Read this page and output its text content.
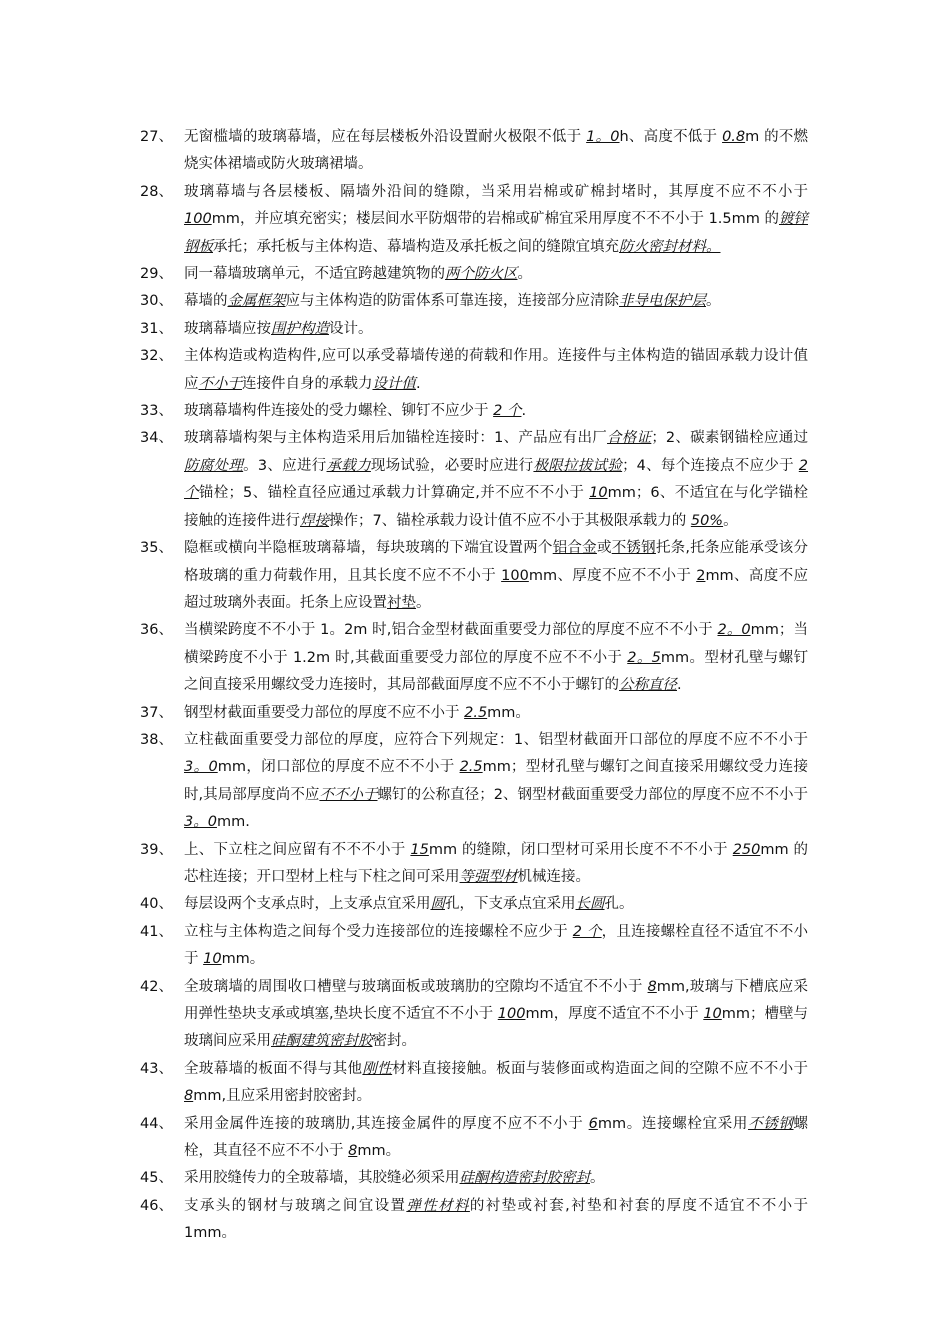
27、 无窗槛墙的玻璃幕墙，应在每层楼板外沿设置耐火极限不低于 1。0h、高度不低于 0.8m 的不燃烧实体裙墙或防火玻璃裙墙。
28、 玻璃幕墙与各层楼板、隔墙外沿间的缝隙，当采用岩棉或矿棉封堵时，其厚度不应不不小于 100mm，并应填充密实；楼层间水平防烟带的岩棉或矿棉宜采用厚度不不不小于 1.5mm 的镀锌钢板承托；承托板与主体构造、幕墙构造及承托板之间的缝隙宜填充防火密封材料。
29、 同一幕墙玻璃单元，不适宜跨越建筑物的两个防火区。
30、 幕墙的金属框架应与主体构造的防雷体系可靠连接，连接部分应清除非导电保护层。
31、 玻璃幕墙应按围护构造设计。
32、 主体构造或构造构件,应可以承受幕墙传递的荷载和作用。连接件与主体构造的锚固承载力设计值应不小于连接件自身的承载力设计值.
33、 玻璃幕墙构件连接处的受力螺栓、铆钉不应少于 2 个.
34、 玻璃幕墙构架与主体构造采用后加锚栓连接时：1、产品应有出厂合格证；2、碳素钢锚栓应通过防腐处理。3、应进行承载力现场试验，必要时应进行极限拉拔试验；4、每个连接点不应少于 2 个锚栓；5、锚栓直径应通过承载力计算确定,并不应不不小于 10mm；6、不适宜在与化学锚栓接触的连接件进行焊接操作；7、锚栓承载力设计值不应不小于其极限承载力的 50%。
35、 隐框或横向半隐框玻璃幕墙，每块玻璃的下端宜设置两个铝合金或不锈钢托条,托条应能承受该分格玻璃的重力荷载作用，且其长度不应不不小于 100mm、厚度不应不不小于 2mm、高度不应超过玻璃外表面。托条上应设置衬垫。
36、 当横梁跨度不不小于 1。2m 时,铝合金型材截面重要受力部位的厚度不应不不小于 2。0mm；当横梁跨度不小于 1.2m 时,其截面重要受力部位的厚度不应不不小于 2。5mm。型材孔壁与螺钉之间直接采用螺纹受力连接时，其局部截面厚度不应不不小于螺钉的公称直径.
37、 钢型材截面重要受力部位的厚度不应不小于 2.5mm。
38、 立柱截面重要受力部位的厚度，应符合下列规定：1、铝型材截面开口部位的厚度不应不不小于 3。0mm，闭口部位的厚度不应不不小于 2.5mm；型材孔壁与螺钉之间直接采用螺纹受力连接时,其局部厚度尚不应不不小于螺钉的公称直径；2、钢型材截面重要受力部位的厚度不应不不小于 3。0mm.
39、 上、下立柱之间应留有不不不小于 15mm 的缝隙，闭口型材可采用长度不不不小于 250mm 的芯柱连接；开口型材上柱与下柱之间可采用等强型材机械连接。
40、 每层设两个支承点时，上支承点宜采用圆孔，下支承点宜采用长圆孔。
41、 立柱与主体构造之间每个受力连接部位的连接螺栓不应少于 2 个，且连接螺栓直径不适宜不不小于 10mm。
42、 全玻璃墙的周围收口槽壁与玻璃面板或玻璃肋的空隙均不适宜不不小于 8mm,玻璃与下槽底应采用弹性垫块支承或填塞,垫块长度不适宜不不小于 100mm，厚度不适宜不不小于 10mm；槽壁与玻璃间应采用硅酮建筑密封胶密封。
43、 全玻幕墙的板面不得与其他刚性材料直接接触。板面与装修面或构造面之间的空隙不应不不小于 8mm,且应采用密封胶密封。
44、 采用金属件连接的玻璃肋,其连接金属件的厚度不应不不小于 6mm。连接螺栓宜采用不锈钢螺栓，其直径不应不不小于 8mm。
45、 采用胶缝传力的全玻幕墙，其胶缝必须采用硅酮构造密封胶密封。
46、 支承头的钢材与玻璃之间宜设置弹性材料的衬垫或衬套,衬垫和衬套的厚度不适宜不不小于 1mm。
